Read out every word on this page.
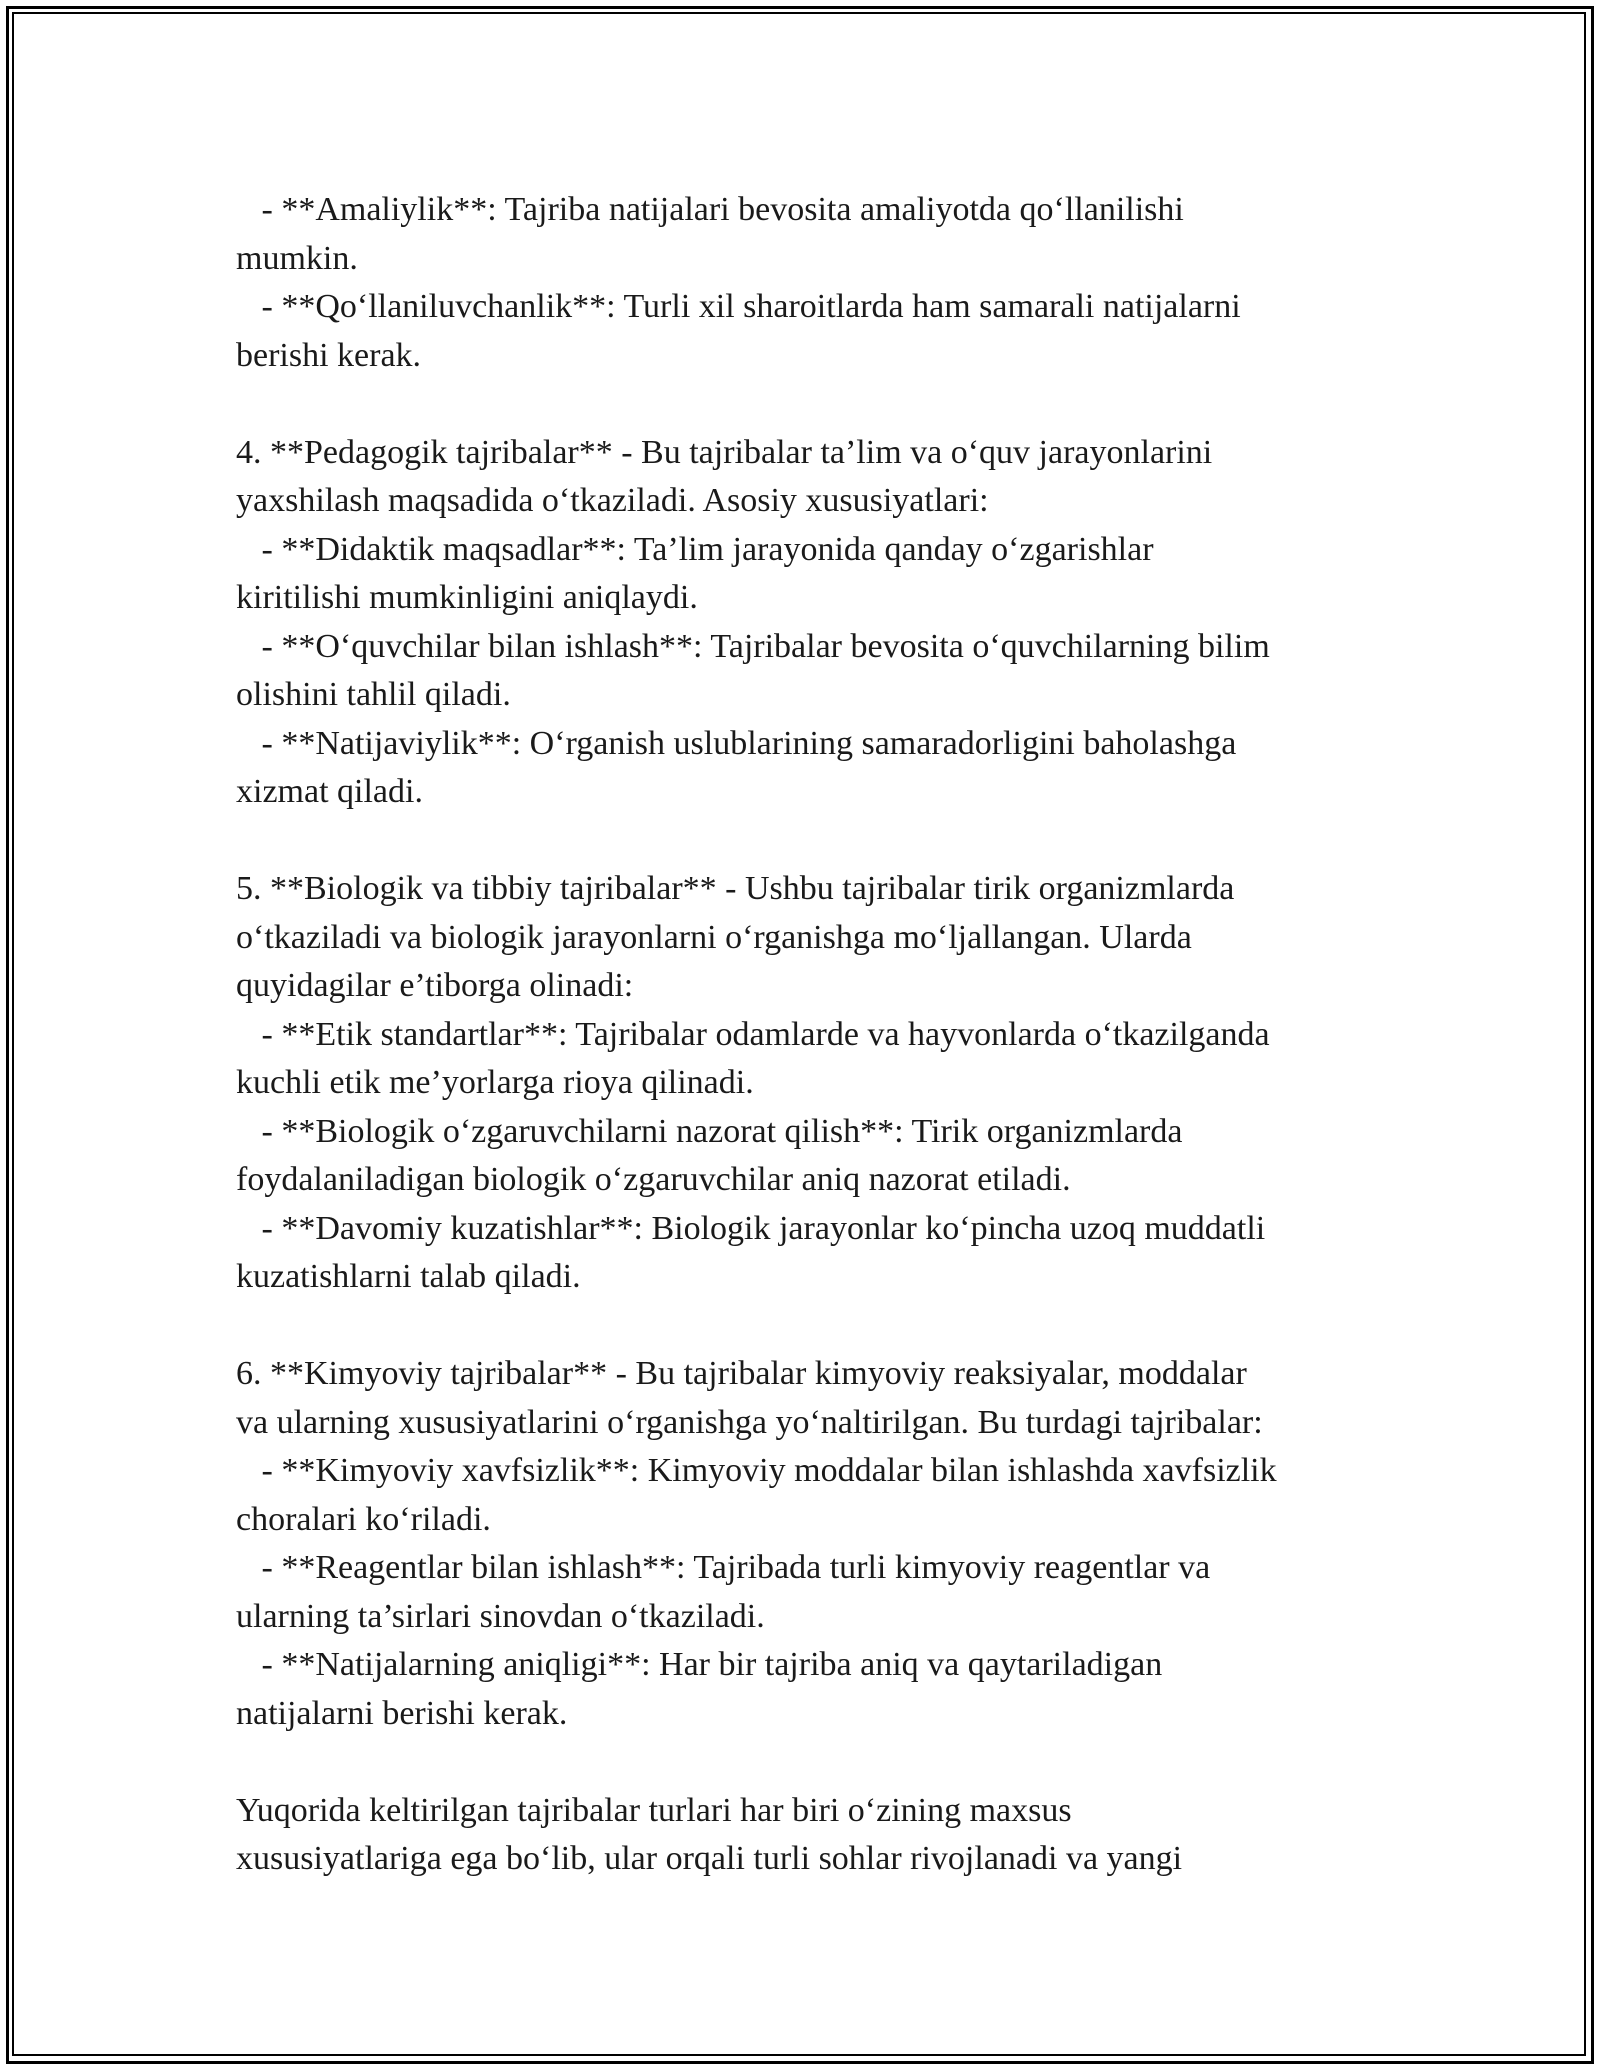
- **Amaliylik**: Tajriba natijalari bevosita amaliyotda qo‘llanilishi
mumkin.
- **Qo‘llaniluvchanlik**: Turli xil sharoitlarda ham samarali natijalarni
berishi kerak.
4. **Pedagogik tajribalar** - Bu tajribalar ta’lim va o‘quv jarayonlarini
yaxshilash maqsadida o‘tkaziladi. Asosiy xususiyatlari:
- **Didaktik maqsadlar**: Ta’lim jarayonida qanday o‘zgarishlar
kiritilishi mumkinligini aniqlaydi.
- **O‘quvchilar bilan ishlash**: Tajribalar bevosita o‘quvchilarning bilim
olishini tahlil qiladi.
- **Natijaviylik**: O‘rganish uslublarining samaradorligini baholashga
xizmat qiladi.
5. **Biologik va tibbiy tajribalar** - Ushbu tajribalar tirik organizmlarda
o‘tkaziladi va biologik jarayonlarni o‘rganishga mo‘ljallangan. Ularda
quyidagilar e’tiborga olinadi:
- **Etik standartlar**: Tajribalar odamlarde va hayvonlarda o‘tkazilganda
kuchli etik me’yorlarga rioya qilinadi.
- **Biologik o‘zgaruvchilarni nazorat qilish**: Tirik organizmlarda
foydalaniladigan biologik o‘zgaruvchilar aniq nazorat etiladi.
- **Davomiy kuzatishlar**: Biologik jarayonlar ko‘pincha uzoq muddatli
kuzatishlarni talab qiladi.
6. **Kimyoviy tajribalar** - Bu tajribalar kimyoviy reaksiyalar, moddalar
va ularning xususiyatlarini o‘rganishga yo‘naltirilgan. Bu turdagi tajribalar:
- **Kimyoviy xavfsizlik**: Kimyoviy moddalar bilan ishlashda xavfsizlik
choralari ko‘riladi.
- **Reagentlar bilan ishlash**: Tajribada turli kimyoviy reagentlar va
ularning ta’sirlari sinovdan o‘tkaziladi.
- **Natijalarning aniqligi**: Har bir tajriba aniq va qaytariladigan
natijalarni berishi kerak.
Yuqorida keltirilgan tajribalar turlari har biri o‘zining maxsus
xususiyatlariga ega bo‘lib, ular orqali turli sohlar rivojlanadi va yangi
